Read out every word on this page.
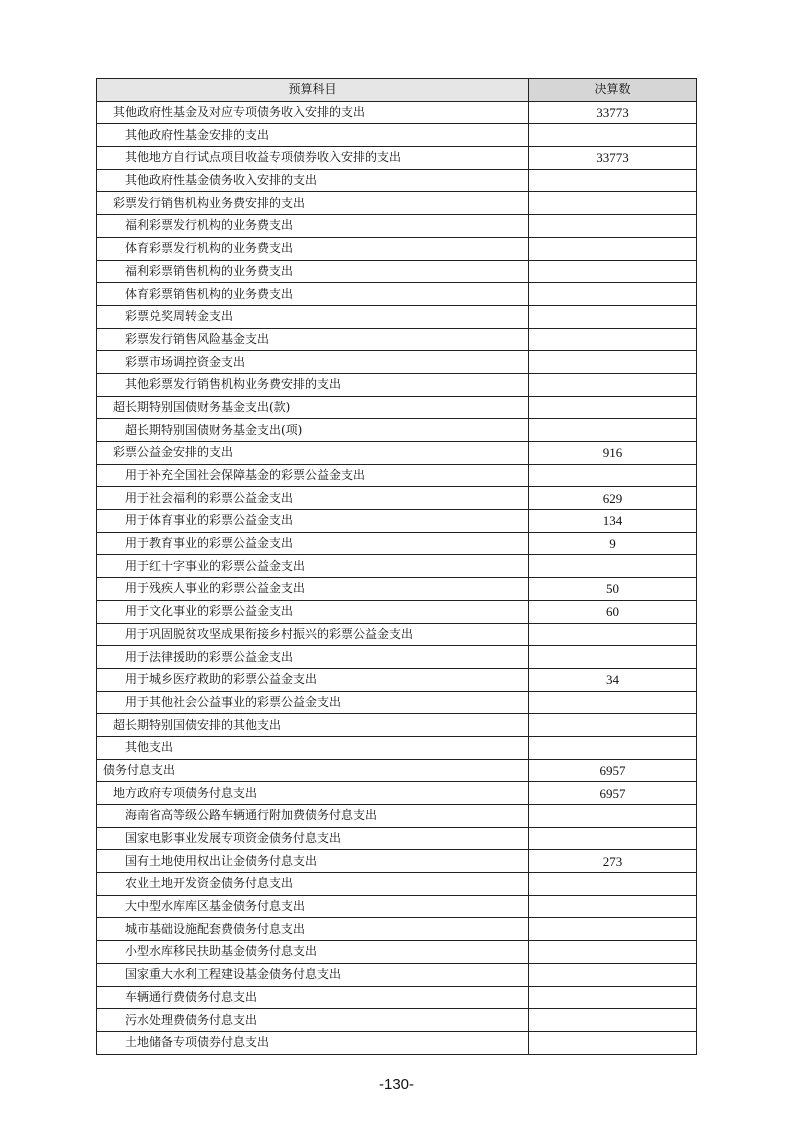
预算科目	决算数
其他政府性基金及对应专项债务收入安排的支出	33773
其他政府性基金安排的支出	
其他地方自行试点项目收益专项债券收入安排的支出	33773
其他政府性基金债务收入安排的支出	
彩票发行销售机构业务费安排的支出	
福利彩票发行机构的业务费支出	
体育彩票发行机构的业务费支出	
福利彩票销售机构的业务费支出	
体育彩票销售机构的业务费支出	
彩票兑奖周转金支出	
彩票发行销售风险基金支出	
彩票市场调控资金支出	
其他彩票发行销售机构业务费安排的支出	
超长期特别国债财务基金支出(款)	
超长期特别国债财务基金支出(项)	
彩票公益金安排的支出	916
用于补充全国社会保障基金的彩票公益金支出	
用于社会福利的彩票公益金支出	629
用于体育事业的彩票公益金支出	134
用于教育事业的彩票公益金支出	9
用于红十字事业的彩票公益金支出	
用于残疾人事业的彩票公益金支出	50
用于文化事业的彩票公益金支出	60
用于巩固脱贫攻坚成果衔接乡村振兴的彩票公益金支出	
用于法律援助的彩票公益金支出	
用于城乡医疗救助的彩票公益金支出	34
用于其他社会公益事业的彩票公益金支出	
超长期特别国债安排的其他支出	
其他支出	
债务付息支出	6957
地方政府专项债务付息支出	6957
海南省高等级公路车辆通行附加费债务付息支出	
国家电影事业发展专项资金债务付息支出	
国有土地使用权出让金债务付息支出	273
农业土地开发资金债务付息支出	
大中型水库库区基金债务付息支出	
城市基础设施配套费债务付息支出	
小型水库移民扶助基金债务付息支出	
国家重大水利工程建设基金债务付息支出	
车辆通行费债务付息支出	
污水处理费债务付息支出	
土地储备专项债券付息支出	
-130-
